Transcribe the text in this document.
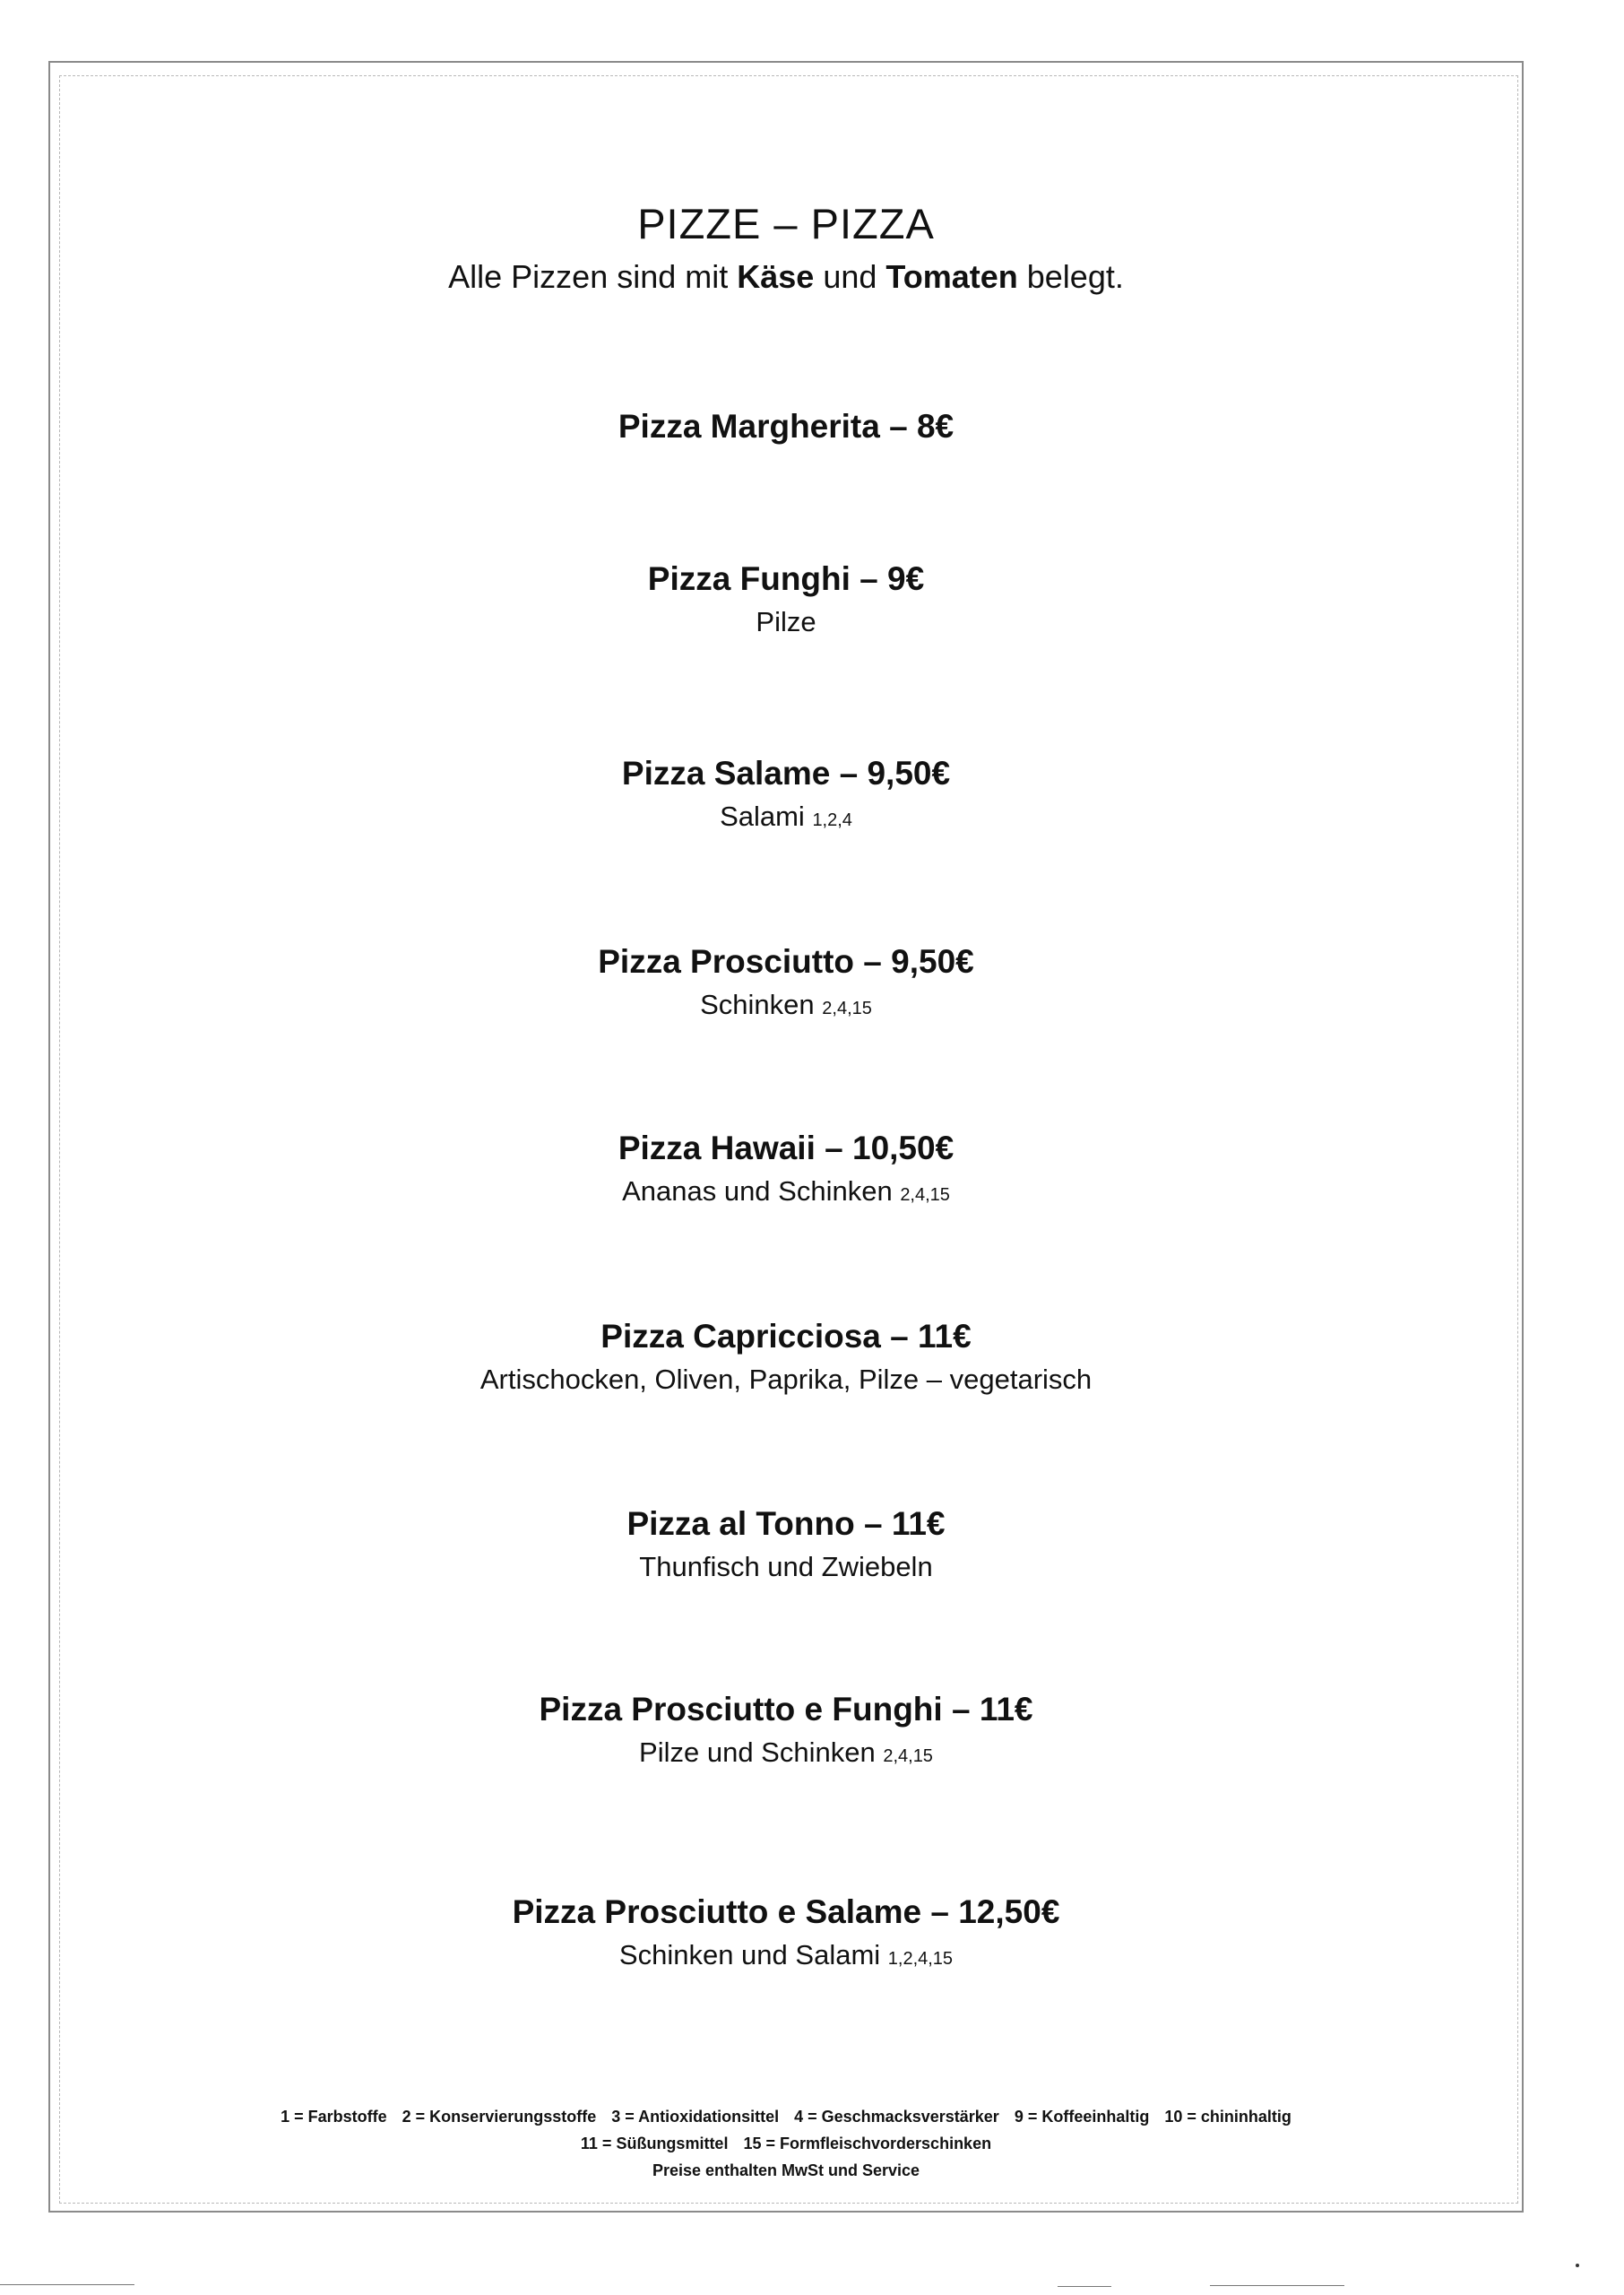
PIZZE – PIZZA
Alle Pizzen sind mit Käse und Tomaten belegt.
Pizza Margherita – 8€
Pizza Funghi – 9€
Pilze
Pizza Salame – 9,50€
Salami 1,2,4
Pizza Prosciutto – 9,50€
Schinken 2,4,15
Pizza Hawaii – 10,50€
Ananas und Schinken 2,4,15
Pizza Capricciosa – 11€
Artischocken, Oliven, Paprika, Pilze – vegetarisch
Pizza al Tonno – 11€
Thunfisch und Zwiebeln
Pizza Prosciutto e Funghi – 11€
Pilze und Schinken 2,4,15
Pizza Prosciutto e Salame – 12,50€
Schinken und Salami 1,2,4,15
1 = Farbstoffe 2 = Konservierungsstoffe 3 = Antioxidationsittel 4 = Geschmacksverstärker 9 = Koffeeinhaltig 10 = chininhaltig
11 = Süßungsmittel 15 = Formfleischvorderschinken
Preise enthalten MwSt und Service
